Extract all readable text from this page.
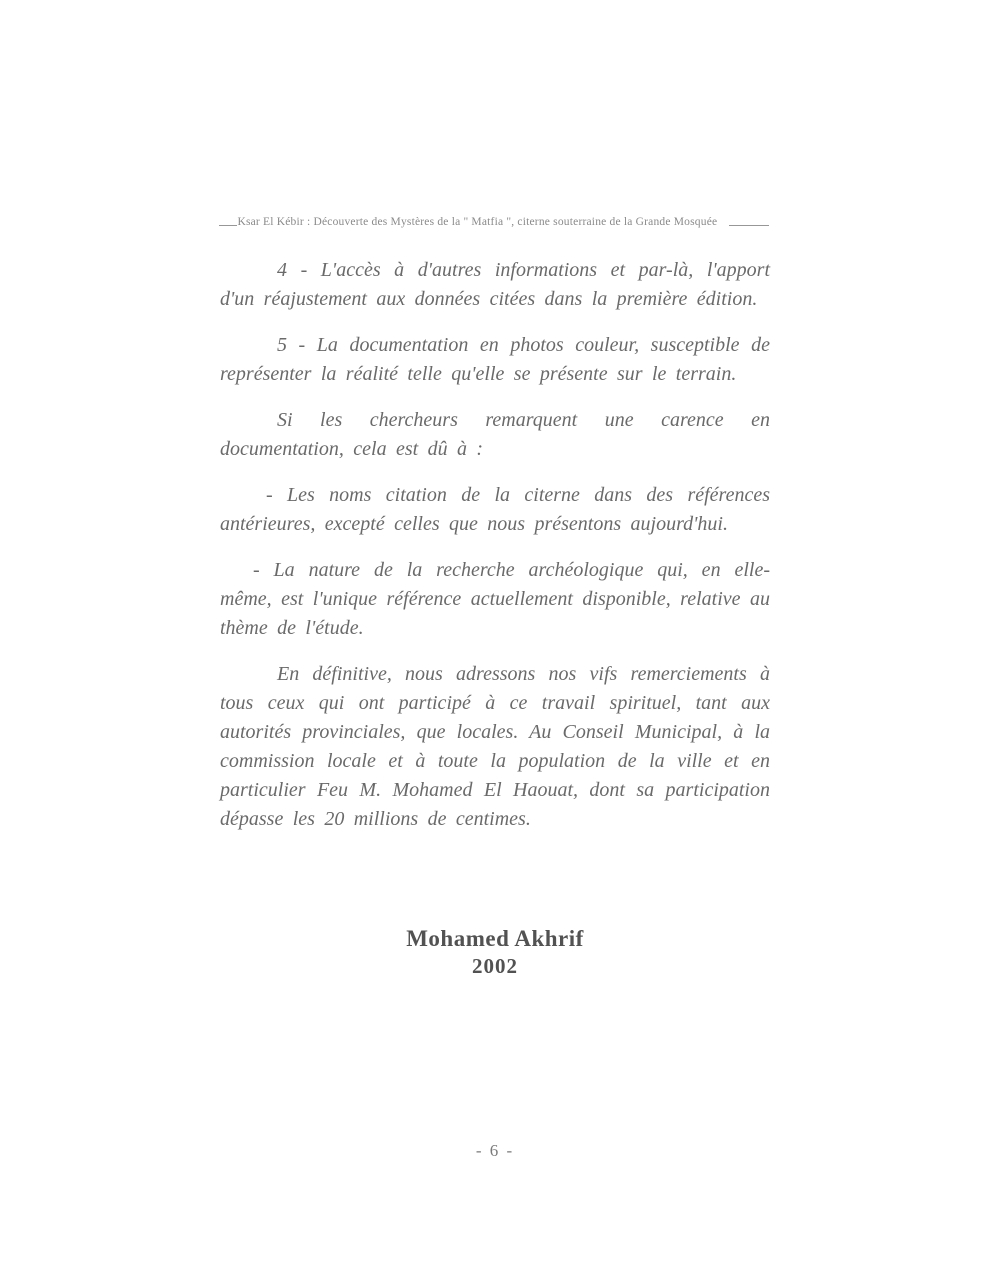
Ksar El Kébir : Découverte des Mystères de la " Matfia ", citerne souterraine de la Grande Mosquée

4 - L'accès à d'autres informations et par-là, l'apport d'un réajustement aux données citées dans la première édition.

5 - La documentation en photos couleur, susceptible de représenter la réalité telle qu'elle se présente sur le terrain.

Si les chercheurs remarquent une carence en documentation, cela est dû à :

- Les noms citation de la citerne dans des références antérieures, excepté celles que nous présentons aujourd'hui.

- La nature de la recherche archéologique qui, en elle-même, est l'unique référence actuellement disponible, relative au thème de l'étude.

En définitive, nous adressons nos vifs remerciements à tous ceux qui ont participé à ce travail spirituel, tant aux autorités provinciales, que locales. Au Conseil Municipal, à la commission locale et à toute la population de la ville et en particulier Feu M. Mohamed El Haouat, dont sa participation dépasse les 20 millions de centimes.

Mohamed Akhrif
2002
- 6 -
